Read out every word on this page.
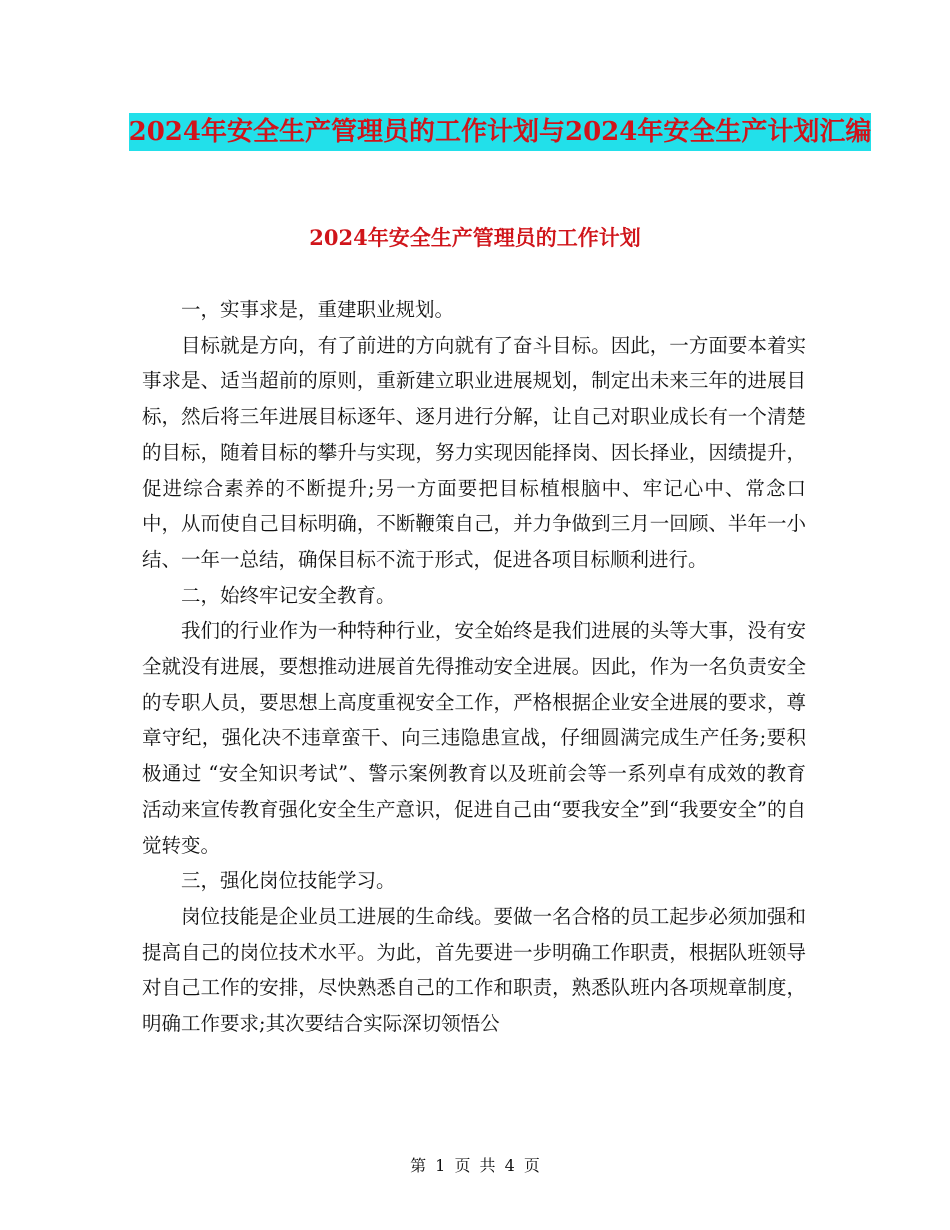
2024年安全生产管理员的工作计划与2024年安全生产计划汇编
2024年安全生产管理员的工作计划

一，实事求是，重建职业规划。

目标就是方向，有了前进的方向就有了奋斗目标。因此，一方面要本着实事求是、适当超前的原则，重新建立职业进展规划，制定出未来三年的进展目标，然后将三年进展目标逐年、逐月进行分解，让自己对职业成长有一个清楚的目标，随着目标的攀升与实现，努力实现因能择岗、因长择业，因绩提升，促进综合素养的不断提升;另一方面要把目标植根脑中、牢记心中、常念口中，从而使自己目标明确，不断鞭策自己，并力争做到三月一回顾、半年一小结、一年一总结，确保目标不流于形式，促进各项目标顺利进行。

二，始终牢记安全教育。

我们的行业作为一种特种行业，安全始终是我们进展的头等大事，没有安全就没有进展，要想推动进展首先得推动安全进展。因此，作为一名负责安全的专职人员，要思想上高度重视安全工作，严格根据企业安全进展的要求，尊章守纪，强化决不违章蛮干、向三违隐患宣战，仔细圆满完成生产任务;要积极通过 “安全知识考试”、警示案例教育以及班前会等一系列卓有成效的教育活动来宣传教育强化安全生产意识，促进自己由“要我安全”到“我要安全”的自觉转变。

三，强化岗位技能学习。

岗位技能是企业员工进展的生命线。要做一名合格的员工起步必须加强和提高自己的岗位技术水平。为此，首先要进一步明确工作职责，根据队班领导对自己工作的安排，尽快熟悉自己的工作和职责，熟悉队班内各项规章制度，明确工作要求;其次要结合实际深切领悟公

第 1 页 共 4 页
